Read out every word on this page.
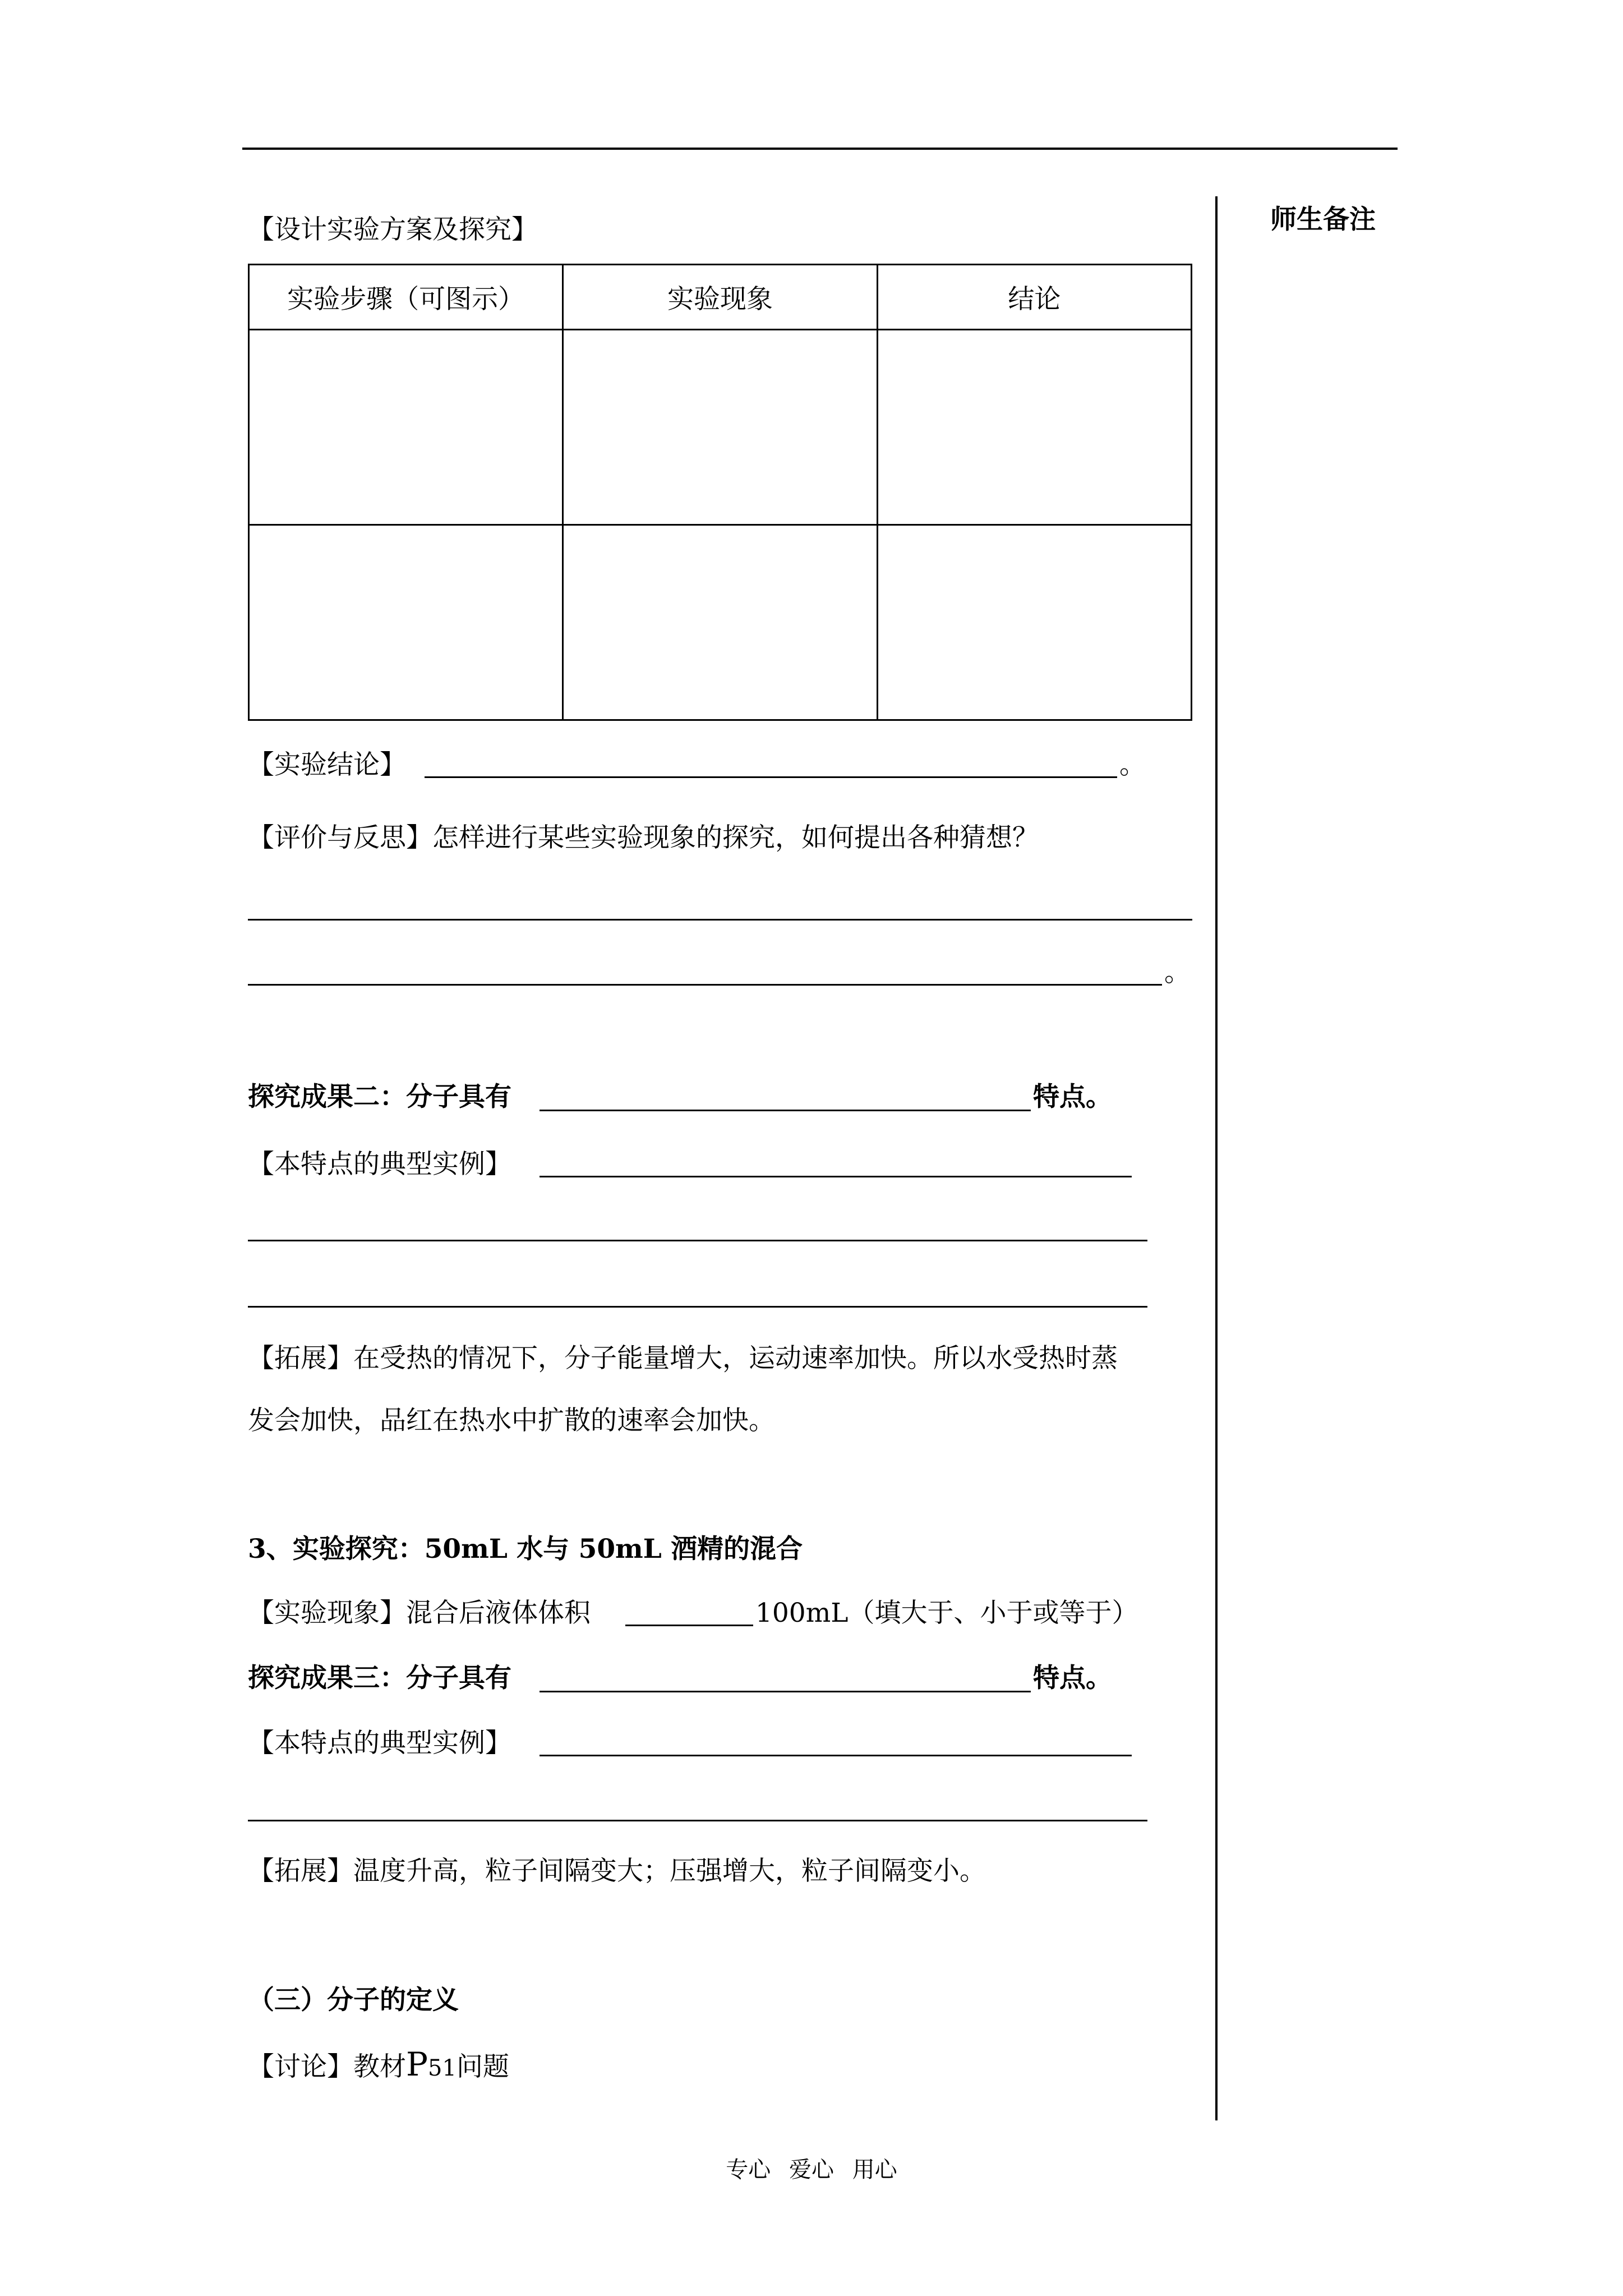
师生备注
【设计实验方案及探究】
实验步骤（可图示）	实验现象	结论

【实验结论】	。
【评价与反思】怎样进行某些实验现象的探究，如何提出各种猜想？
。
探究成果二：分子具有	特点。
【本特点的典型实例】
【拓展】在受热的情况下，分子能量增大，运动速率加快。所以水受热时蒸
发会加快，品红在热水中扩散的速率会加快。
3、实验探究：50mL 水与 50mL 酒精的混合
【实验现象】混合后液体体积	100mL（填大于、小于或等于）
探究成果三：分子具有	特点。
【本特点的典型实例】
【拓展】温度升高，粒子间隔变大；压强增大，粒子间隔变小。
（三）分子的定义
【讨论】教材P51问题
专心 爱心 用心
